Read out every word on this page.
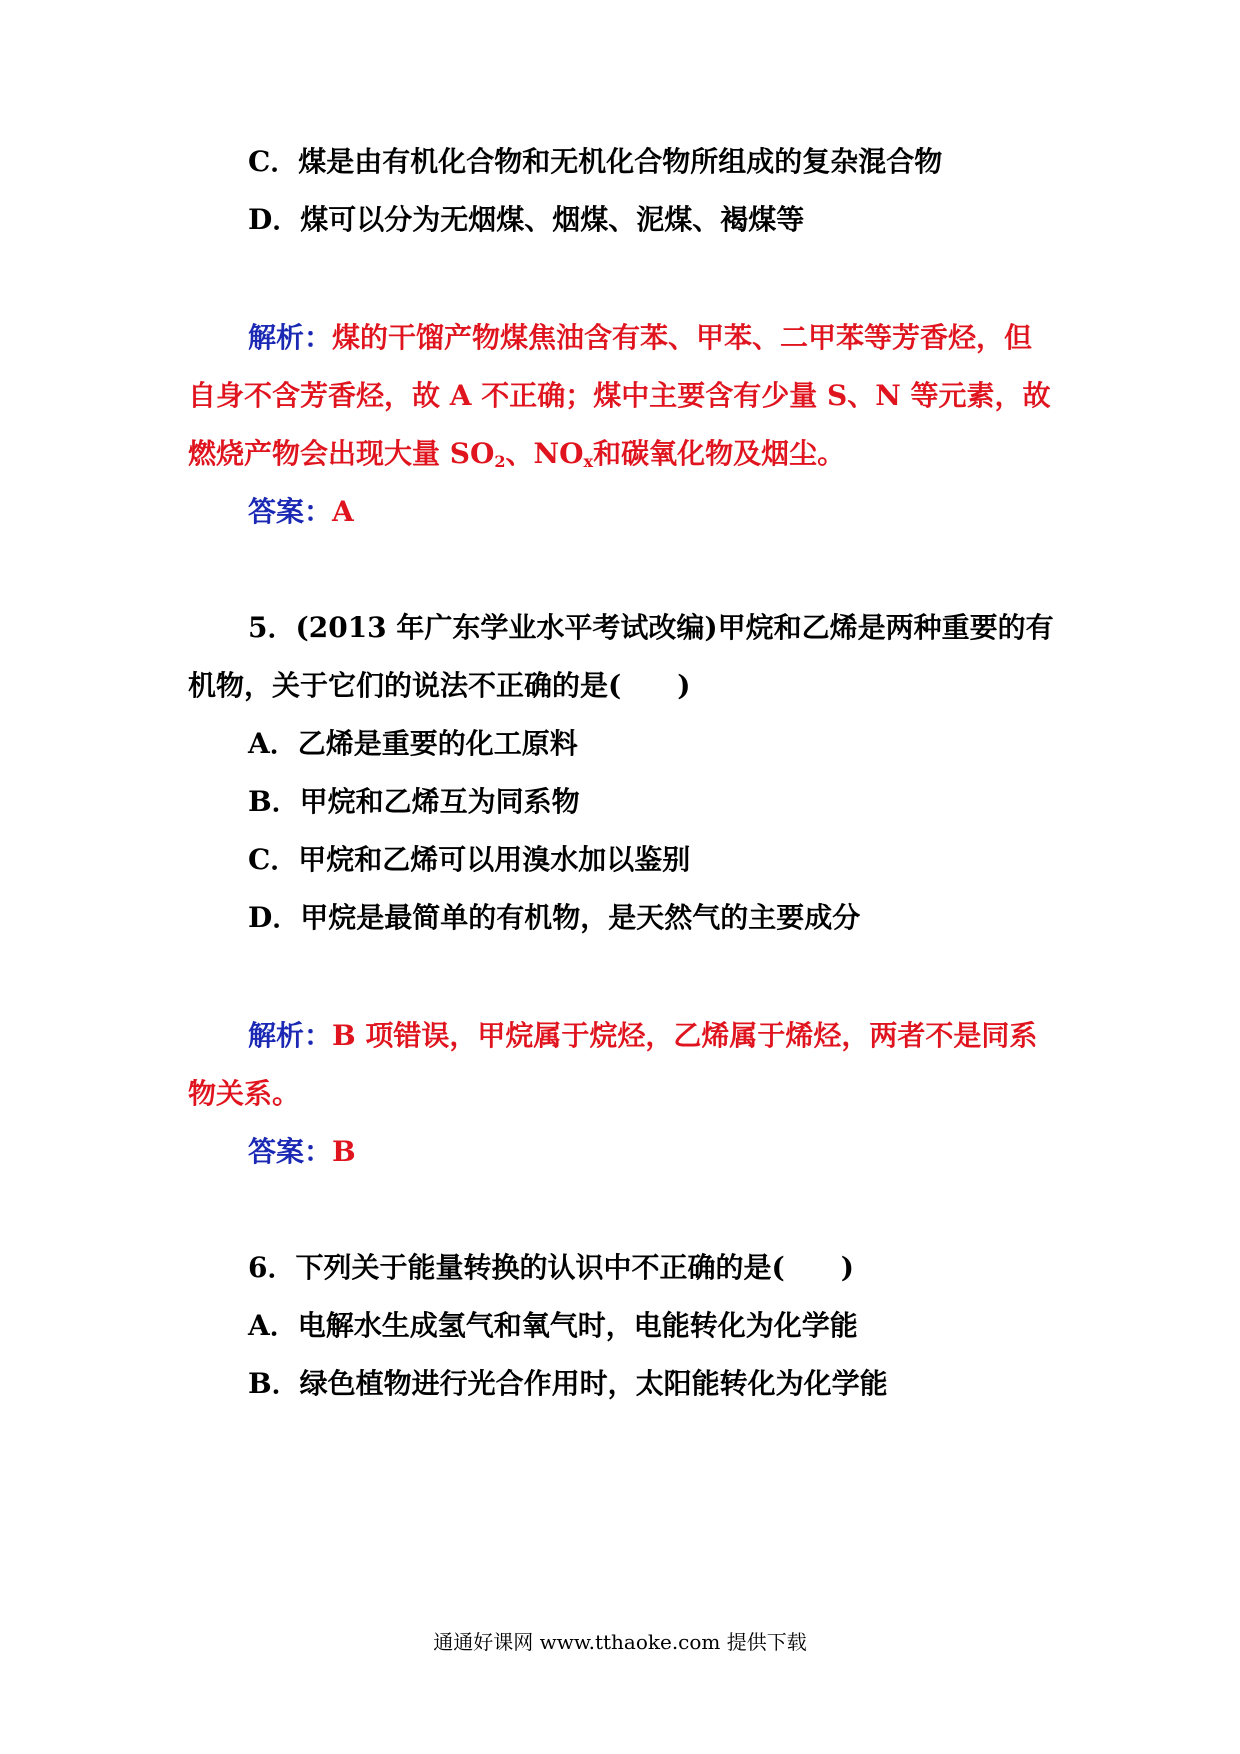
C．煤是由有机化合物和无机化合物所组成的复杂混合物
D．煤可以分为无烟煤、烟煤、泥煤、褐煤等
解析：煤的干馏产物煤焦油含有苯、甲苯、二甲苯等芳香烃，但
自身不含芳香烃，故 A 不正确；煤中主要含有少量 S、N 等元素，故
燃烧产物会出现大量 $SO_2$、$NO_x$和碳氧化物及烟尘。
答案：A
5．(2013 年广东学业水平考试改编)甲烷和乙烯是两种重要的有
机物，关于它们的说法不正确的是(　　)
A．乙烯是重要的化工原料
B．甲烷和乙烯互为同系物
C．甲烷和乙烯可以用溴水加以鉴别
D．甲烷是最简单的有机物，是天然气的主要成分
解析：B 项错误，甲烷属于烷烃，乙烯属于烯烃，两者不是同系
物关系。
答案：B
6．下列关于能量转换的认识中不正确的是(　　)
A．电解水生成氢气和氧气时，电能转化为化学能
B．绿色植物进行光合作用时，太阳能转化为化学能
通通好课网 www.tthaoke.com 提供下载
